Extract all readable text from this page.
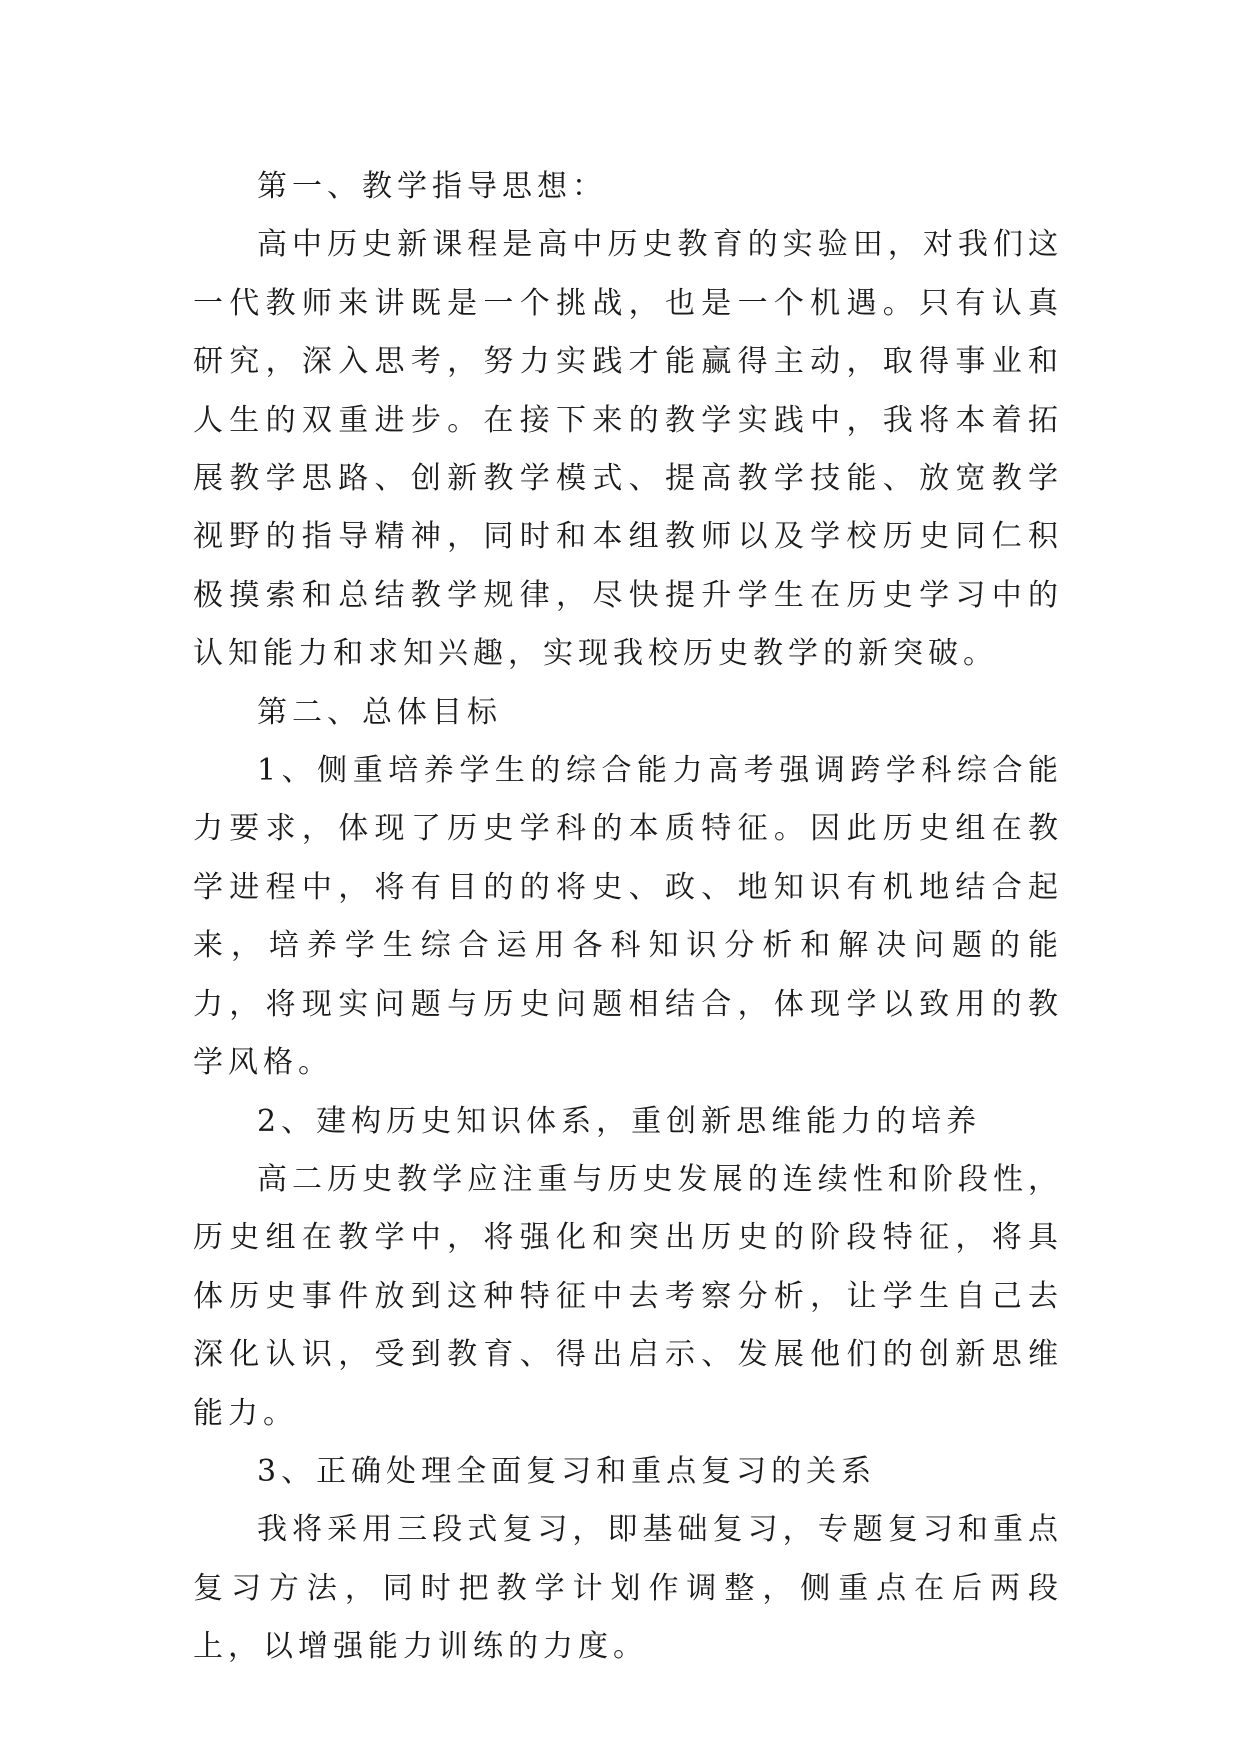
第一、教学指导思想：

高中历史新课程是高中历史教育的实验田，对我们这一代教师来讲既是一个挑战，也是一个机遇。只有认真研究，深入思考，努力实践才能赢得主动，取得事业和人生的双重进步。在接下来的教学实践中，我将本着拓展教学思路、创新教学模式、提高教学技能、放宽教学视野的指导精神，同时和本组教师以及学校历史同仁积极摸索和总结教学规律，尽快提升学生在历史学习中的认知能力和求知兴趣，实现我校历史教学的新突破。

第二、总体目标

1、侧重培养学生的综合能力高考强调跨学科综合能力要求，体现了历史学科的本质特征。因此历史组在教学进程中，将有目的的将史、政、地知识有机地结合起来，培养学生综合运用各科知识分析和解决问题的能力，将现实问题与历史问题相结合，体现学以致用的教学风格。

2、建构历史知识体系，重创新思维能力的培养

高二历史教学应注重与历史发展的连续性和阶段性，历史组在教学中，将强化和突出历史的阶段特征，将具体历史事件放到这种特征中去考察分析，让学生自己去深化认识，受到教育、得出启示、发展他们的创新思维能力。

3、正确处理全面复习和重点复习的关系

我将采用三段式复习，即基础复习，专题复习和重点复习方法，同时把教学计划作调整，侧重点在后两段上，以增强能力训练的力度。
